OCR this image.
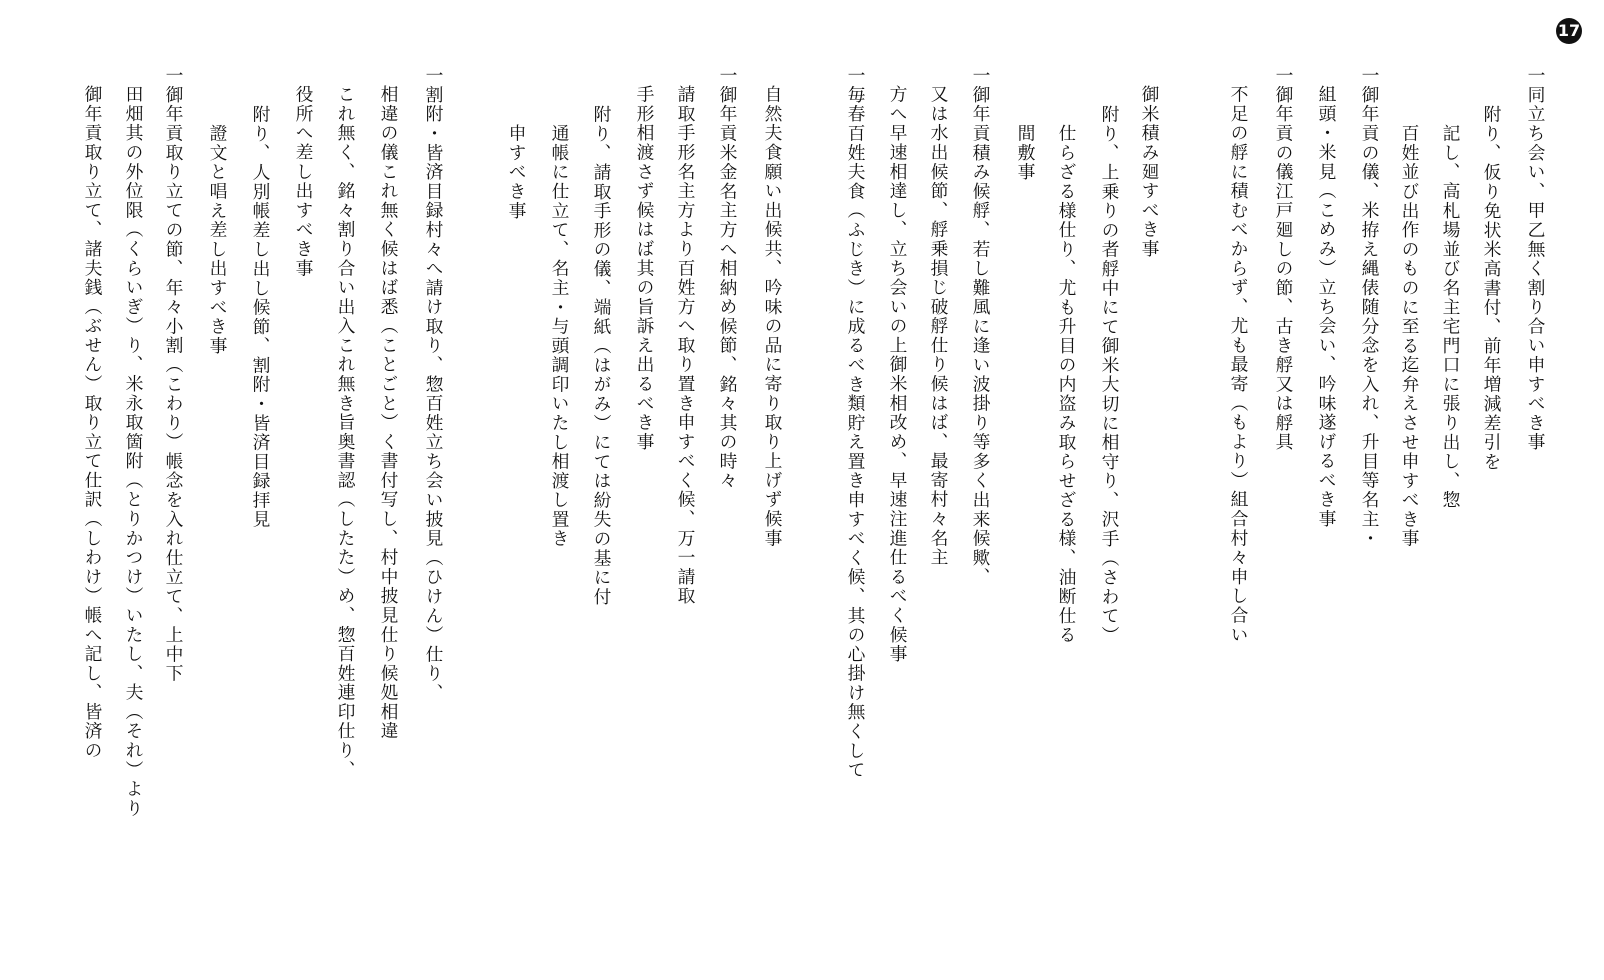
17
一同立ち会い、甲乙無く割り合い申すべき事
附り、仮り免状米高書付、前年増減差引を
記し、高札場並び名主宅門口に張り出し、惣
百姓並び出作のものに至る迄弁えさせ申すべき事
一御年貢の儀、米拵え縄俵随分念を入れ、升目等名主・
組頭・米見（こめみ）立ち会い、吟味遂げるべき事
一御年貢の儀江戸廻しの節、古き艀又は艀具
不足の艀に積むべからず、尤も最寄（もより）組合村々申し合い
御米積み廻すべき事
附り、上乗りの者艀中にて御米大切に相守り、沢手（さわて）
仕らざる様仕り、尤も升目の内盗み取らせざる様、油断仕る
間敷事
一御年貢積み候艀、若し難風に逢い波掛り等多く出来候歟、
又は水出候節、艀乗損じ破艀仕り候はば、最寄村々名主
方へ早速相達し、立ち会いの上御米相改め、早速注進仕るべく候事
一毎春百姓夫食（ふじき）に成るべき類貯え置き申すべく候、其の心掛け無くして
自然夫食願い出候共、吟味の品に寄り取り上げず候事
一御年貢米金名主方へ相納め候節、銘々其の時々
請取手形名主方より百姓方へ取り置き申すべく候、万一請取
手形相渡さず候はば其の旨訴え出るべき事
附り、請取手形の儀、端紙（はがみ）にては紛失の基に付
通帳に仕立て、名主・与頭調印いたし相渡し置き
申すべき事
一割附・皆済目録村々へ請け取り、惣百姓立ち会い披見（ひけん）仕り、
相違の儀これ無く候はば悉（ことごと）く書付写し、村中披見仕り候処相違
これ無く、銘々割り合い出入これ無き旨奥書認（したた）め、惣百姓連印仕り、
役所へ差し出すべき事
附り、人別帳差し出し候節、割附・皆済目録拝見
證文と唱え差し出すべき事
一御年貢取り立ての節、年々小割（こわり）帳念を入れ仕立て、上中下
田畑其の外位限（くらいぎ）り、米永取箇附（とりかつけ）いたし、夫（それ）より
御年貢取り立て、諸夫銭（ぶせん）取り立て仕訳（しわけ）帳へ記し、皆済の
